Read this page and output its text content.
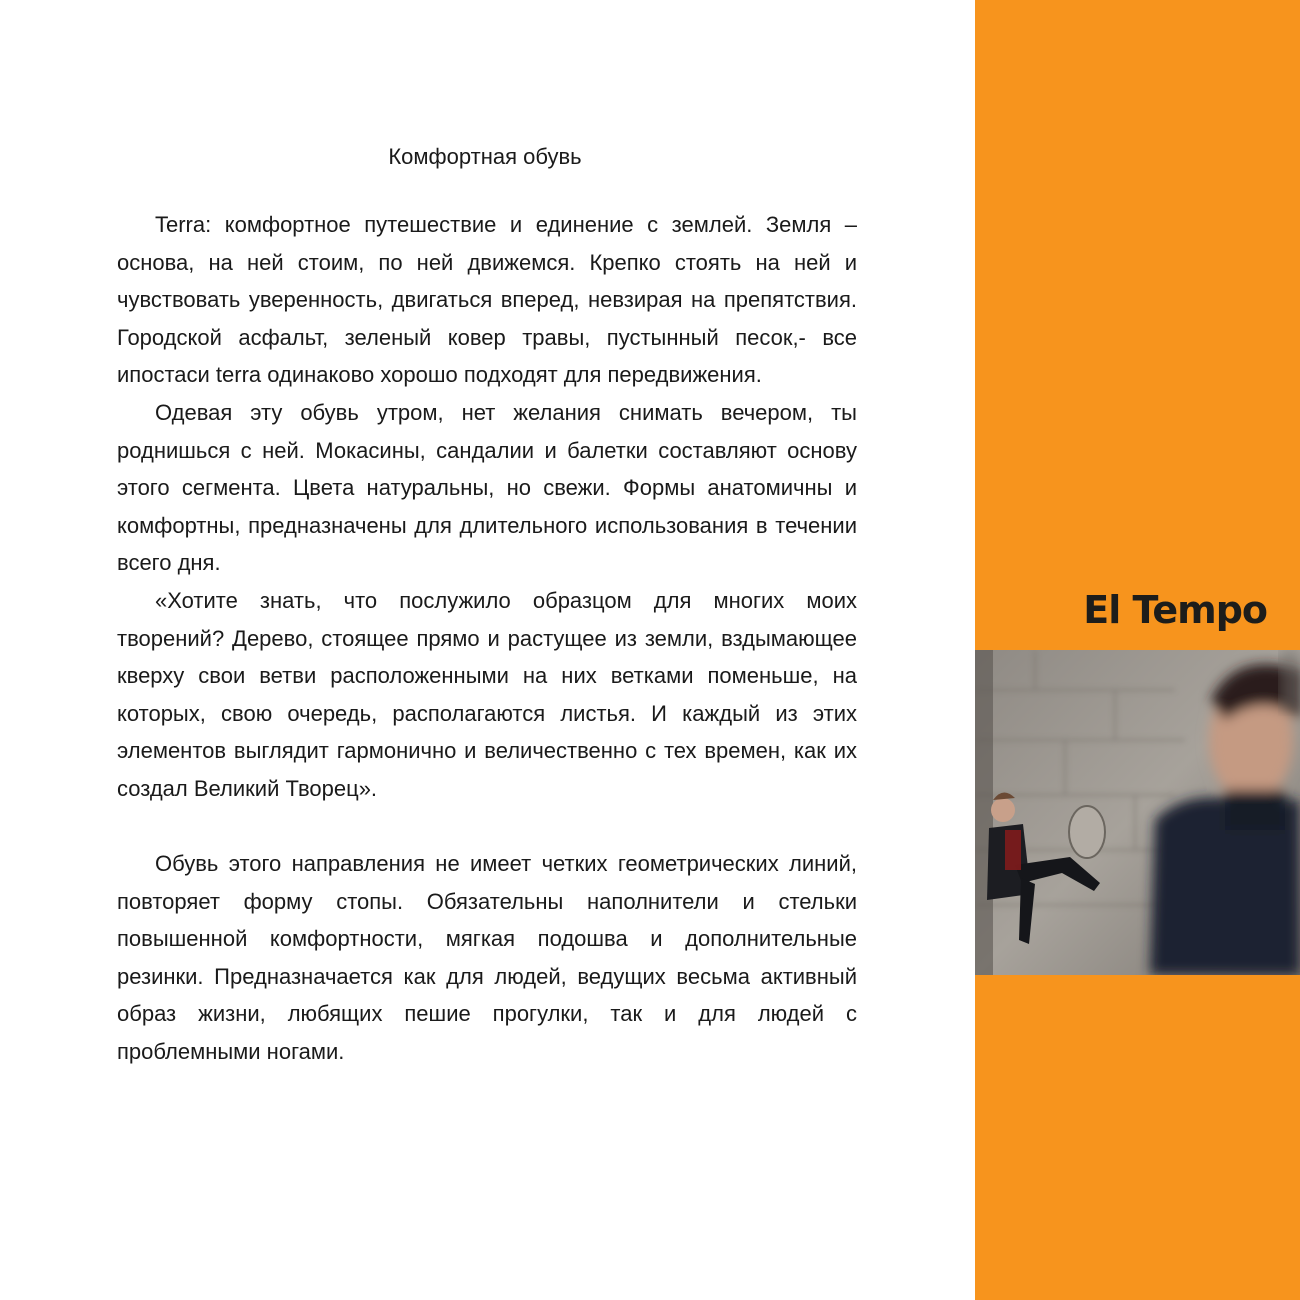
Комфортная обувь

Terra: комфортное путешествие и единение с землей. Земля – основа, на ней стоим, по ней движемся. Крепко стоять на ней и чувствовать уверенность, двигаться вперед, невзирая на препятствия. Городской асфальт, зеленый ковер травы, пустынный песок,- все ипостаси terra одинаково хорошо подходят для передвижения.

Одевая эту обувь утром, нет желания снимать вечером, ты роднишься с ней. Мокасины, сандалии и балетки составляют основу этого сегмента. Цвета натуральны, но свежи. Формы анатомичны и комфортны, предназначены для длительного использования в течении всего дня.

«Хотите знать, что послужило образцом для многих моих творений? Дерево, стоящее прямо и растущее из земли, вздымающее кверху свои ветви расположенными на них ветками поменьше, на которых, свою очередь, располагаются листья. И каждый из этих элементов выглядит гармонично и величественно с тех времен, как их создал Великий Творец».

Обувь этого направления не имеет четких геометрических линий, повторяет форму стопы. Обязательны наполнители и стельки повышенной комфортности, мягкая подошва и дополнительные резинки. Предназначается как для людей, ведущих весьма активный образ жизни, любящих пешие прогулки, так и для людей с проблемными ногами.

El Tempo
